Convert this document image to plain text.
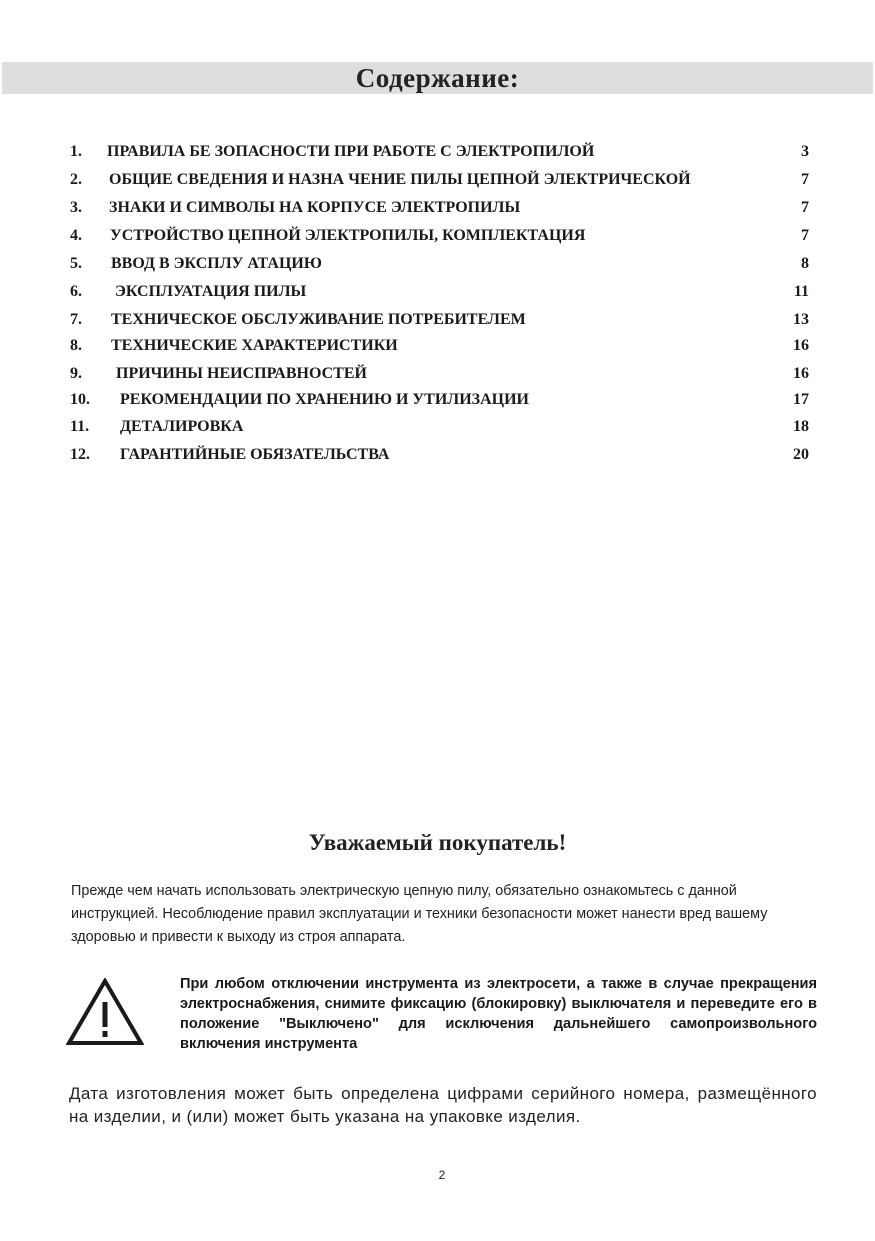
Содержание:
1. ПРАВИЛА БЕ ЗОПАСНОСТИ ПРИ РАБОТЕ С ЭЛЕКТРОПИЛОЙ	3
2. ОБЩИЕ СВЕДЕНИЯ И НАЗНА ЧЕНИЕ ПИЛЫ ЦЕПНОЙ ЭЛЕКТРИЧЕСКОЙ	7
3. ЗНАКИ И СИМВОЛЫ НА КОРПУСЕ ЭЛЕКТРОПИЛЫ	7
4. УСТРОЙСТВО ЦЕПНОЙ ЭЛЕКТРОПИЛЫ, КОМПЛЕКТАЦИЯ	7
5. ВВОД В ЭКСПЛУ АТАЦИЮ	8
6. ЭКСПЛУАТАЦИЯ ПИЛЫ	11
7. ТЕХНИЧЕСКОЕ ОБСЛУЖИВАНИЕ ПОТРЕБИТЕЛЕМ	13
8. ТЕХНИЧЕСКИЕ ХАРАКТЕРИСТИКИ	16
9. ПРИЧИНЫ НЕИСПРАВНОСТЕЙ	16
10. РЕКОМЕНДАЦИИ ПО ХРАНЕНИЮ И УТИЛИЗАЦИИ	17
11. ДЕТАЛИРОВКА	18
12. ГАРАНТИЙНЫЕ ОБЯЗАТЕЛЬСТВА	20
Уважаемый покупатель!
Прежде чем начать использовать электрическую цепную пилу, обязательно ознакомьтесь с данной инструкцией. Несоблюдение правил эксплуатации и техники безопасности может нанести вред вашему здоровью и привести к выходу из строя аппарата.
При любом отключении инструмента из электросети, а также в случае прекращения электроснабжения, снимите фиксацию (блокировку) выключателя и переведите его в положение "Выключено" для исключения дальнейшего самопроизвольного включения инструмента
Дата изготовления может быть определена цифрами серийного номера, размещённого на изделии, и (или) может быть указана на упаковке изделия.
2
